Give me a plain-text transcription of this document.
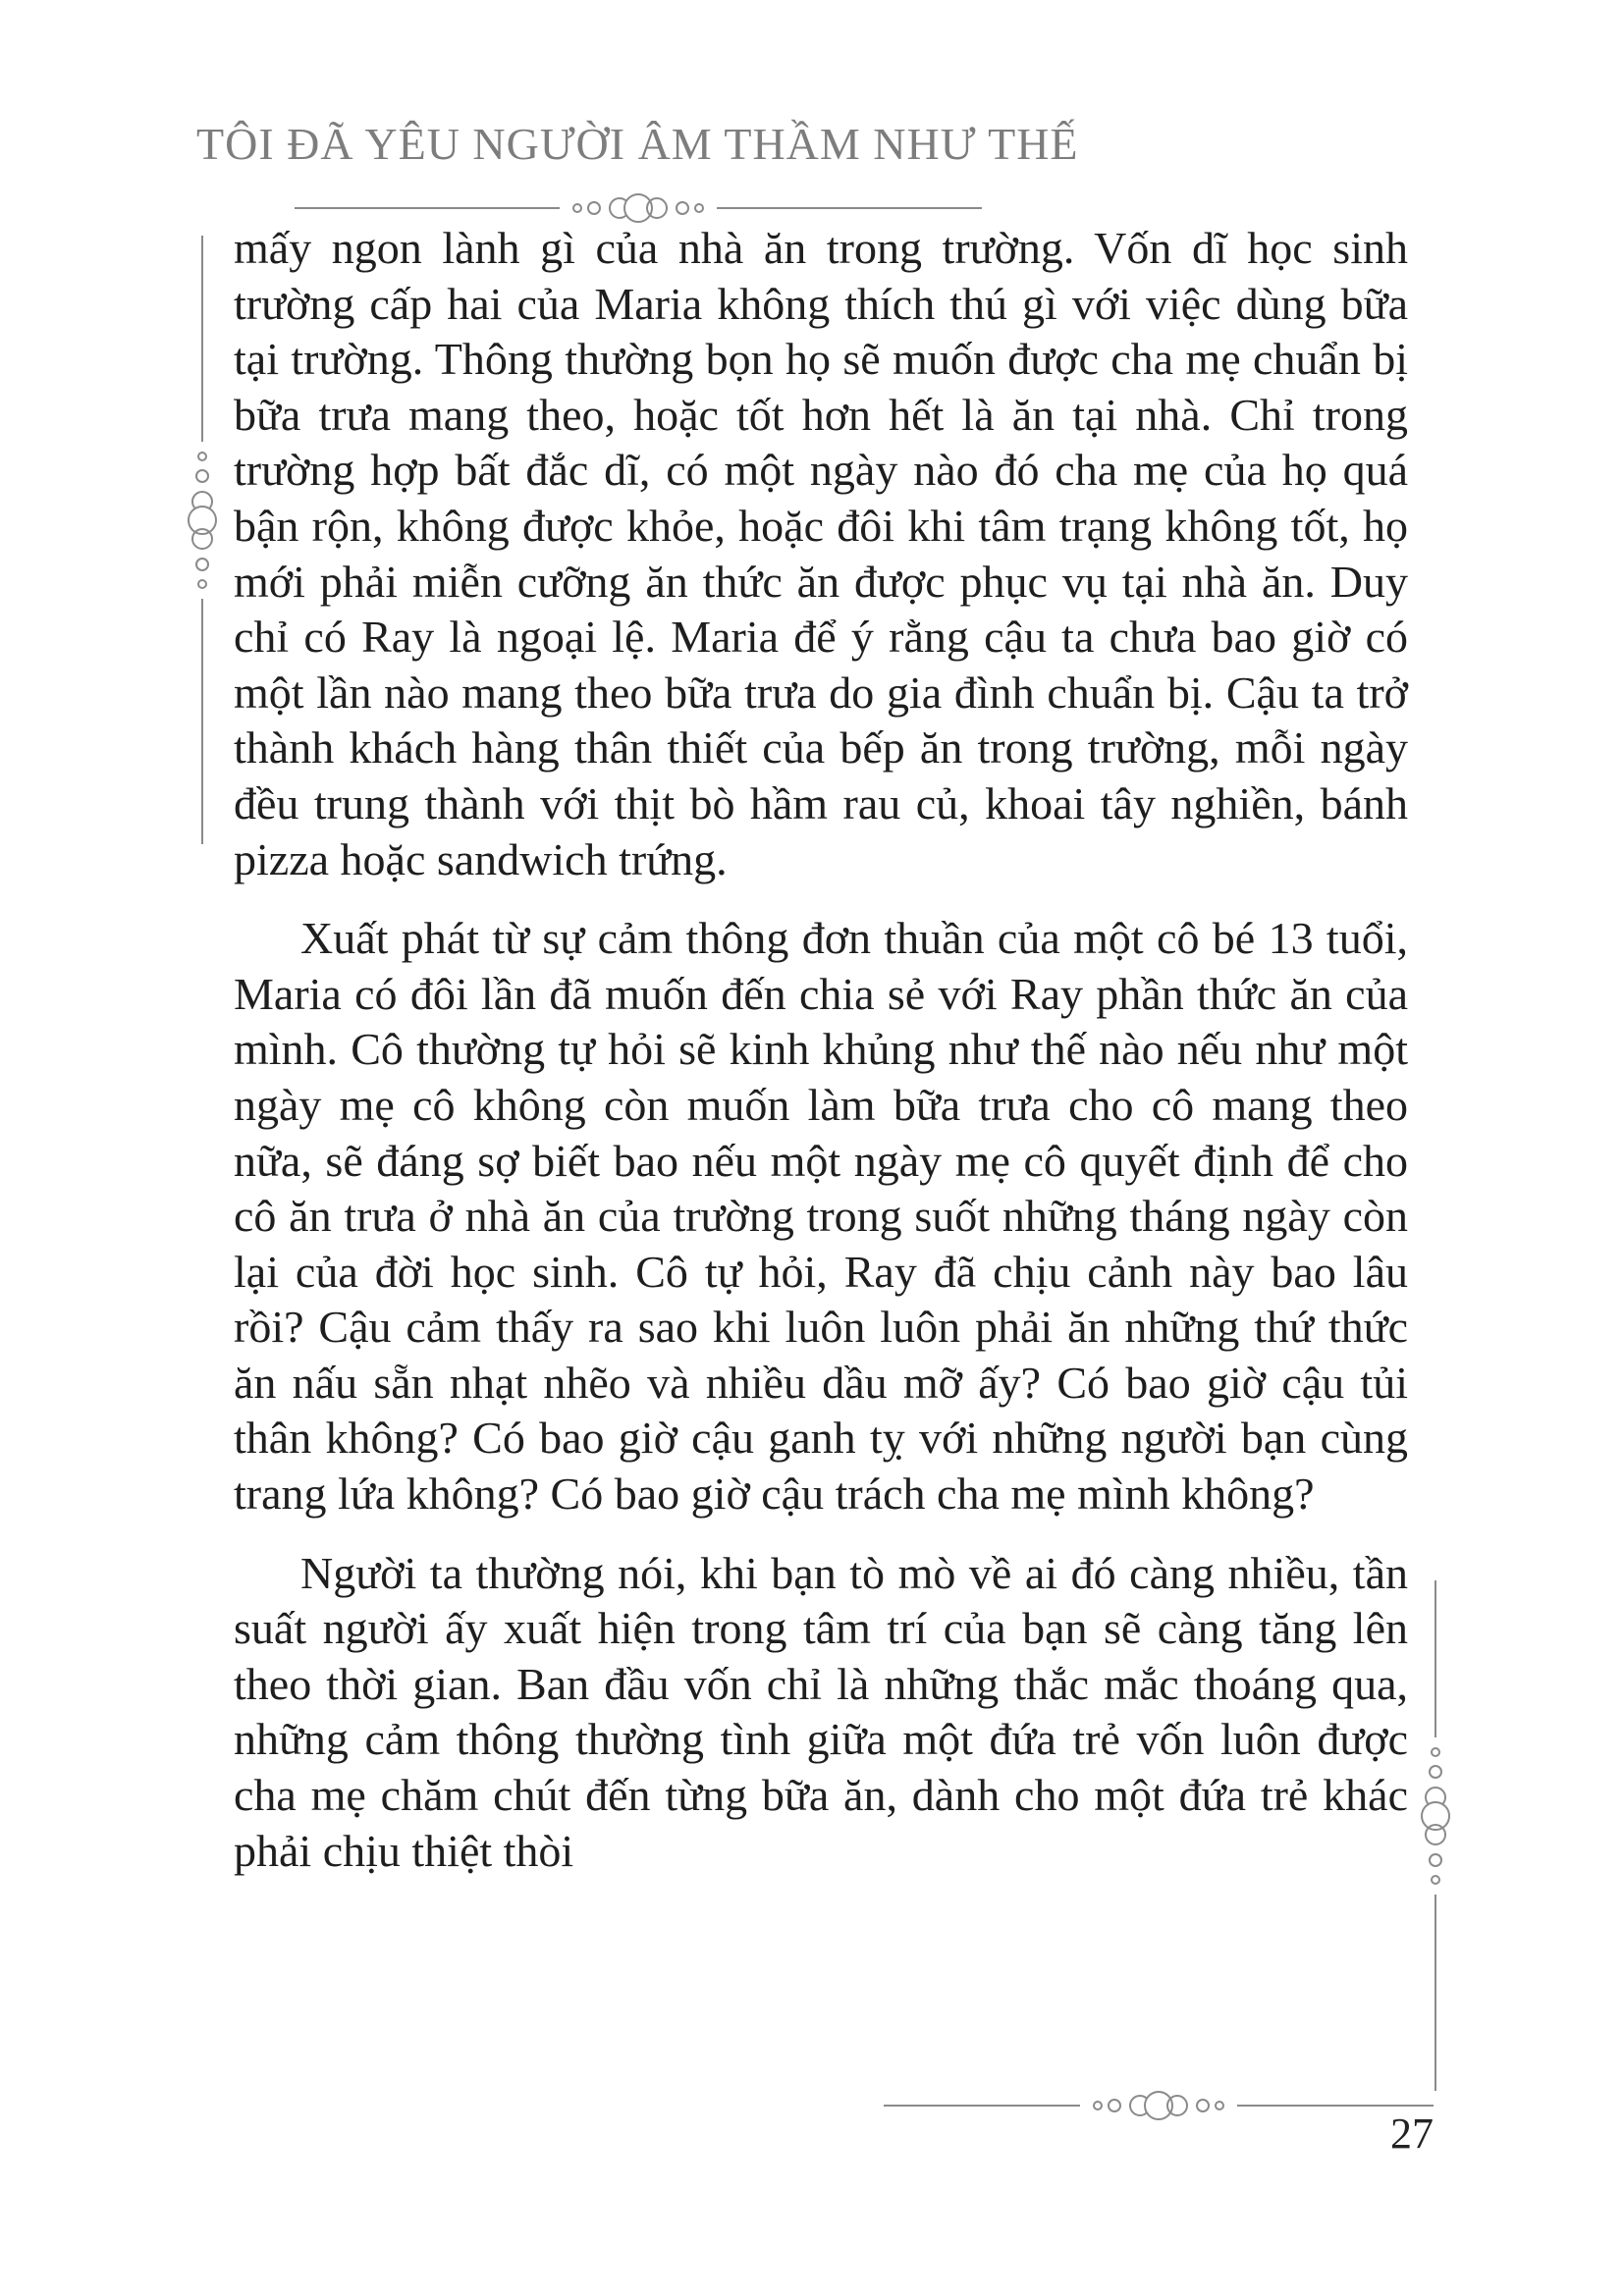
TÔI ĐÃ YÊU NGƯỜI ÂM THẦM NHƯ THẾ

mấy ngon lành gì của nhà ăn trong trường. Vốn dĩ học sinh trường cấp hai của Maria không thích thú gì với việc dùng bữa tại trường. Thông thường bọn họ sẽ muốn được cha mẹ chuẩn bị bữa trưa mang theo, hoặc tốt hơn hết là ăn tại nhà. Chỉ trong trường hợp bất đắc dĩ, có một ngày nào đó cha mẹ của họ quá bận rộn, không được khỏe, hoặc đôi khi tâm trạng không tốt, họ mới phải miễn cưỡng ăn thức ăn được phục vụ tại nhà ăn. Duy chỉ có Ray là ngoại lệ. Maria để ý rằng cậu ta chưa bao giờ có một lần nào mang theo bữa trưa do gia đình chuẩn bị. Cậu ta trở thành khách hàng thân thiết của bếp ăn trong trường, mỗi ngày đều trung thành với thịt bò hầm rau củ, khoai tây nghiền, bánh pizza hoặc sandwich trứng.

Xuất phát từ sự cảm thông đơn thuần của một cô bé 13 tuổi, Maria có đôi lần đã muốn đến chia sẻ với Ray phần thức ăn của mình. Cô thường tự hỏi sẽ kinh khủng như thế nào nếu như một ngày mẹ cô không còn muốn làm bữa trưa cho cô mang theo nữa, sẽ đáng sợ biết bao nếu một ngày mẹ cô quyết định để cho cô ăn trưa ở nhà ăn của trường trong suốt những tháng ngày còn lại của đời học sinh. Cô tự hỏi, Ray đã chịu cảnh này bao lâu rồi? Cậu cảm thấy ra sao khi luôn luôn phải ăn những thứ thức ăn nấu sẵn nhạt nhẽo và nhiều dầu mỡ ấy? Có bao giờ cậu tủi thân không? Có bao giờ cậu ganh tỵ với những người bạn cùng trang lứa không? Có bao giờ cậu trách cha mẹ mình không?

Người ta thường nói, khi bạn tò mò về ai đó càng nhiều, tần suất người ấy xuất hiện trong tâm trí của bạn sẽ càng tăng lên theo thời gian. Ban đầu vốn chỉ là những thắc mắc thoáng qua, những cảm thông thường tình giữa một đứa trẻ vốn luôn được cha mẹ chăm chút đến từng bữa ăn, dành cho một đứa trẻ khác phải chịu thiệt thòi

27
